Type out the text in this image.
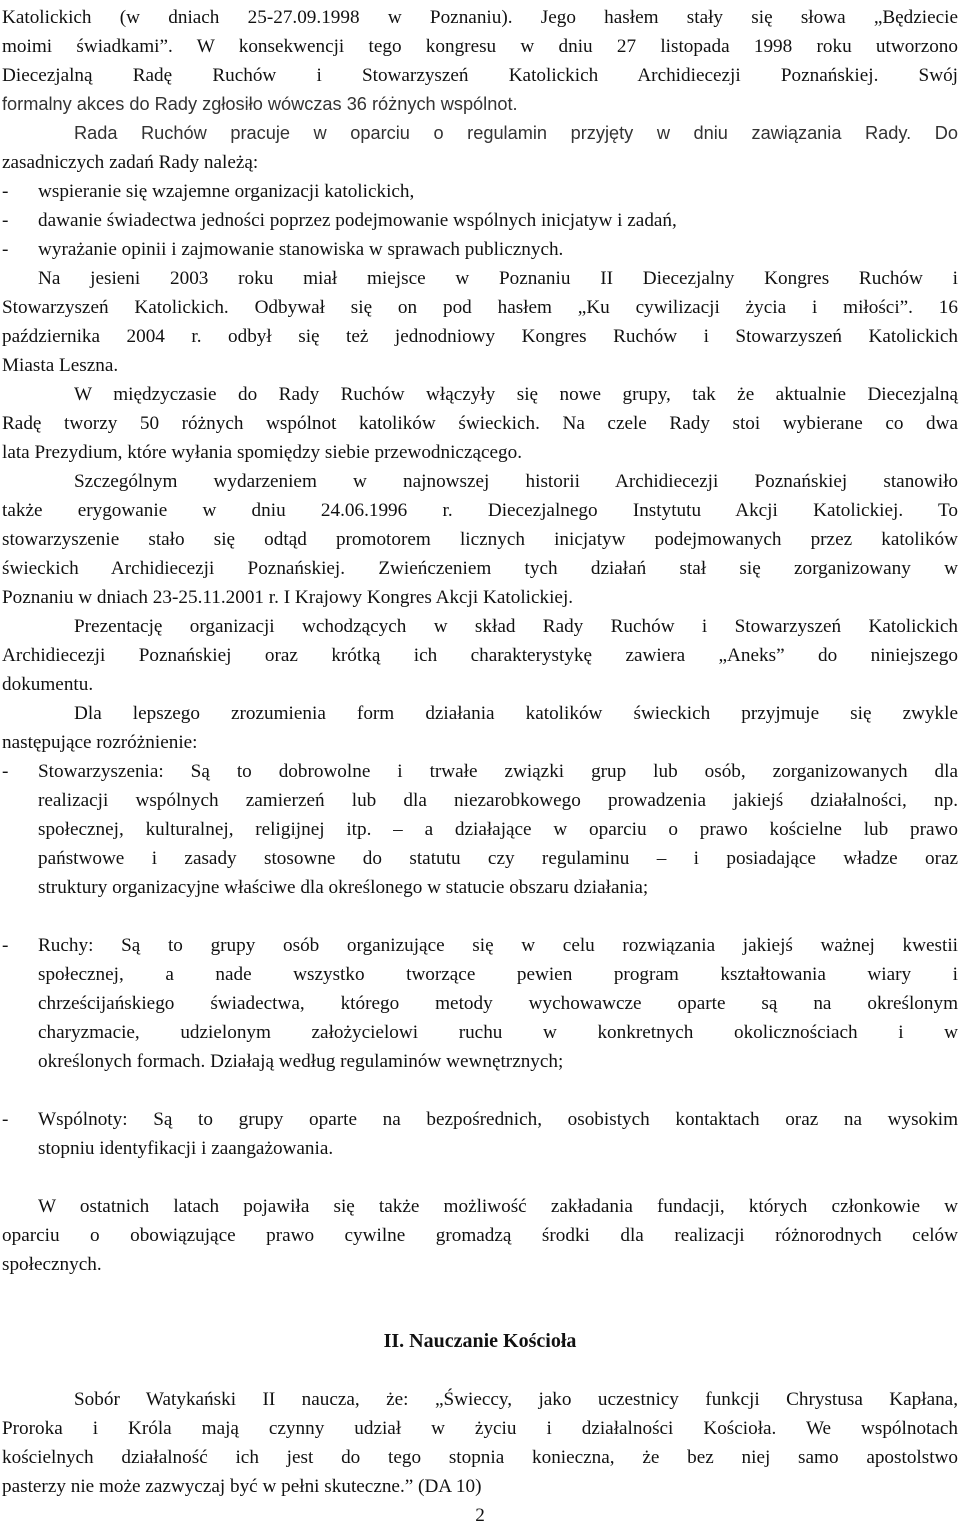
Katolickich (w dniach 25-27.09.1998 w Poznaniu). Jego hasłem stały się słowa „Będziecie
moimi świadkami”. W konsekwencji tego kongresu w dniu 27 listopada 1998 roku utworzono
Diecezjalną Radę Ruchów i Stowarzyszeń Katolickich Archidiecezji Poznańskiej. Swój
formalny akces do Rady zgłosiło wówczas 36 różnych wspólnot.
Rada Ruchów pracuje w oparciu o regulamin przyjęty w dniu zawiązania Rady. Do
zasadniczych zadań Rady należą:
- wspieranie się wzajemne organizacji katolickich,
- dawanie świadectwa jedności poprzez podejmowanie wspólnych inicjatyw i zadań,
- wyrażanie opinii i zajmowanie stanowiska w sprawach publicznych.
Na jesieni 2003 roku miał miejsce w Poznaniu II Diecezjalny Kongres Ruchów i
Stowarzyszeń Katolickich. Odbywał się on pod hasłem „Ku cywilizacji życia i miłości”. 16
października 2004 r. odbył się też jednodniowy Kongres Ruchów i Stowarzyszeń Katolickich
Miasta Leszna.
W międzyczasie do Rady Ruchów włączyły się nowe grupy, tak że aktualnie Diecezjalną
Radę tworzy 50 różnych wspólnot katolików świeckich. Na czele Rady stoi wybierane co dwa
lata Prezydium, które wyłania spomiędzy siebie przewodniczącego.
Szczególnym wydarzeniem w najnowszej historii Archidiecezji Poznańskiej stanowiło
także erygowanie w dniu 24.06.1996 r. Diecezjalnego Instytutu Akcji Katolickiej. To
stowarzyszenie stało się odtąd promotorem licznych inicjatyw podejmowanych przez katolików
świeckich Archidiecezji Poznańskiej. Zwieńczeniem tych działań stał się zorganizowany w
Poznaniu w dniach 23-25.11.2001 r. I Krajowy Kongres Akcji Katolickiej.
Prezentację organizacji wchodzących w skład Rady Ruchów i Stowarzyszeń Katolickich
Archidiecezji Poznańskiej oraz krótką ich charakterystykę zawiera „Aneks” do niniejszego
dokumentu.
Dla lepszego zrozumienia form działania katolików świeckich przyjmuje się zwykle
następujące rozróżnienie:
- Stowarzyszenia: Są to dobrowolne i trwałe związki grup lub osób, zorganizowanych dla
realizacji wspólnych zamierzeń lub dla niezarobkowego prowadzenia jakiejś działalności, np.
społecznej, kulturalnej, religijnej itp. – a działające w oparciu o prawo kościelne lub prawo
państwowe i zasady stosowne do statutu czy regulaminu – i posiadające władze oraz
struktury organizacyjne właściwe dla określonego w statucie obszaru działania;
- Ruchy: Są to grupy osób organizujące się w celu rozwiązania jakiejś ważnej kwestii
społecznej, a nade wszystko tworzące pewien program kształtowania wiary i
chrześcijańskiego świadectwa, którego metody wychowawcze oparte są na określonym
charyzmacie, udzielonym założycielowi ruchu w konkretnych okolicznościach i w
określonych formach. Działają według regulaminów wewnętrznych;
- Wspólnoty: Są to grupy oparte na bezpośrednich, osobistych kontaktach oraz na wysokim
stopniu identyfikacji i zaangażowania.
W ostatnich latach pojawiła się także możliwość zakładania fundacji, których członkowie w
oparciu o obowiązujące prawo cywilne gromadzą środki dla realizacji różnorodnych celów
społecznych.
II. Nauczanie Kościoła
Sobór Watykański II naucza, że: „Świeccy, jako uczestnicy funkcji Chrystusa Kapłana,
Proroka i Króla mają czynny udział w życiu i działalności Kościoła. We wspólnotach
kościelnych działalność ich jest do tego stopnia konieczna, że bez niej samo apostolstwo
pasterzy nie może zazwyczaj być w pełni skuteczne.” (DA 10)
2
